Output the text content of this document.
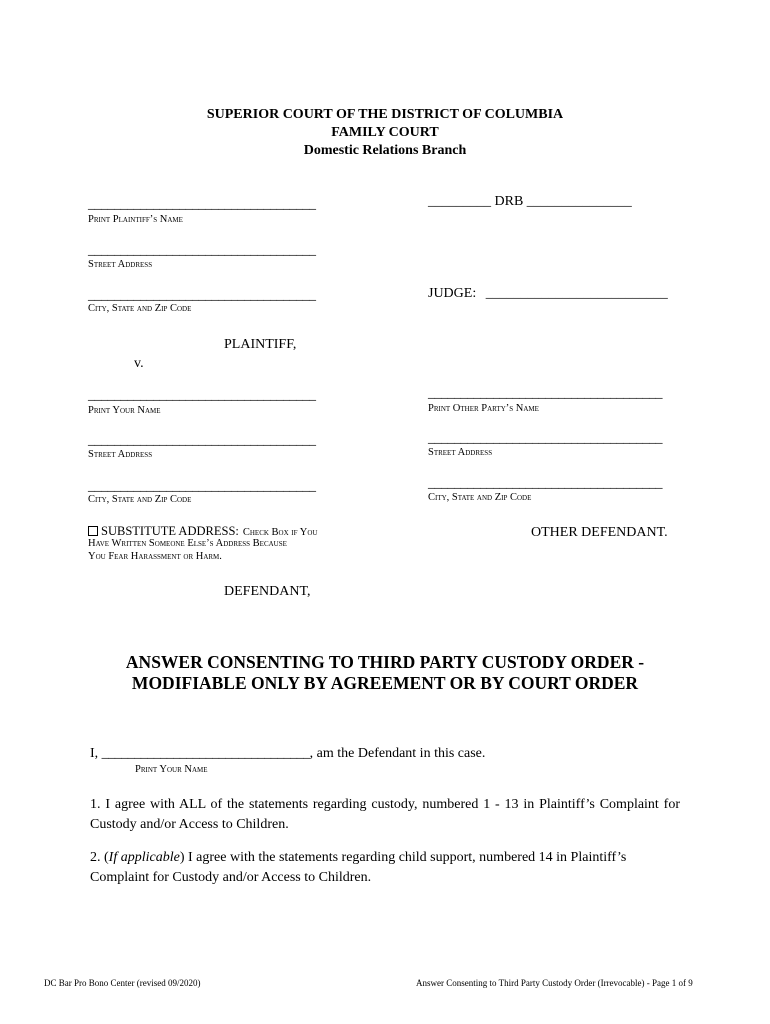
SUPERIOR COURT OF THE DISTRICT OF COLUMBIA
FAMILY COURT
Domestic Relations Branch
_________ DRB _______________
___________________________________
Print Plaintiff’s Name
___________________________________
Street Address
___________________________________
City, State and Zip Code
JUDGE: __________________________
PLAINTIFF,
v.
___________________________________
Print Your Name
___________________________________
Street Address
___________________________________
City, State and Zip Code
____________________________________
Print Other Party’s Name
____________________________________
Street Address
____________________________________
City, State and Zip Code
SUBSTITUTE ADDRESS: Check Box if You
Have Written Someone Else’s Address Because
You Fear Harassment or Harm.
OTHER DEFENDANT.
DEFENDANT,
ANSWER CONSENTING TO THIRD PARTY CUSTODY ORDER -
MODIFIABLE ONLY BY AGREEMENT OR BY COURT ORDER
I, ________________________________, am the Defendant in this case.
Print Your Name
1. I agree with ALL of the statements regarding custody, numbered 1 - 13 in Plaintiff’s Complaint for Custody and/or Access to Children.
2. (If applicable) I agree with the statements regarding child support, numbered 14 in Plaintiff’s Complaint for Custody and/or Access to Children.
DC Bar Pro Bono Center (revised 09/2020)	Answer Consenting to Third Party Custody Order (Irrevocable) - Page 1 of 9
